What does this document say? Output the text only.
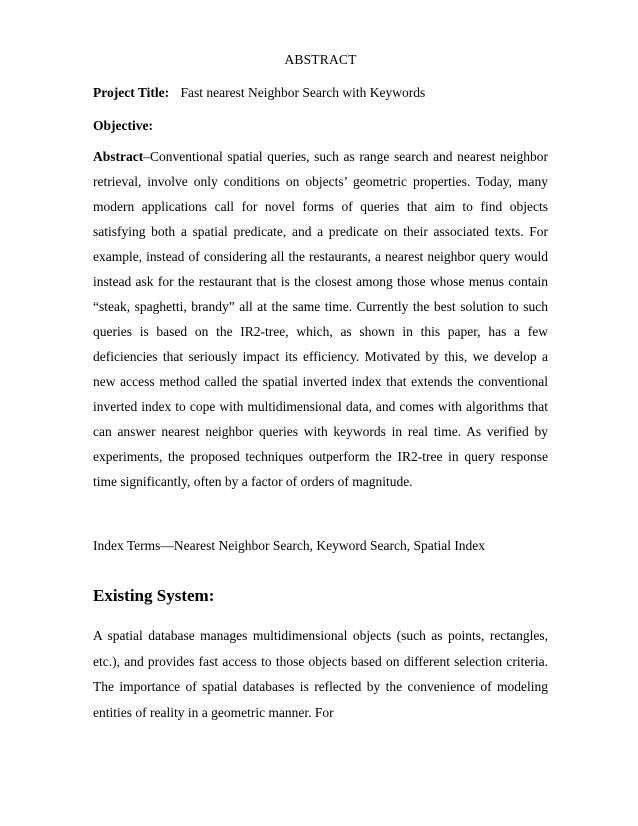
ABSTRACT
Project Title: Fast nearest Neighbor Search with Keywords
Objective:
Abstract–Conventional spatial queries, such as range search and nearest neighbor retrieval, involve only conditions on objects’ geometric properties. Today, many modern applications call for novel forms of queries that aim to find objects satisfying both a spatial predicate, and a predicate on their associated texts. For example, instead of considering all the restaurants, a nearest neighbor query would instead ask for the restaurant that is the closest among those whose menus contain “steak, spaghetti, brandy” all at the same time. Currently the best solution to such queries is based on the IR2-tree, which, as shown in this paper, has a few deficiencies that seriously impact its efficiency. Motivated by this, we develop a new access method called the spatial inverted index that extends the conventional inverted index to cope with multidimensional data, and comes with algorithms that can answer nearest neighbor queries with keywords in real time. As verified by experiments, the proposed techniques outperform the IR2-tree in query response time significantly, often by a factor of orders of magnitude.
Index Terms—Nearest Neighbor Search, Keyword Search, Spatial Index
Existing System:
A spatial database manages multidimensional objects (such as points, rectangles, etc.), and provides fast access to those objects based on different selection criteria. The importance of spatial databases is reflected by the convenience of modeling entities of reality in a geometric manner. For
